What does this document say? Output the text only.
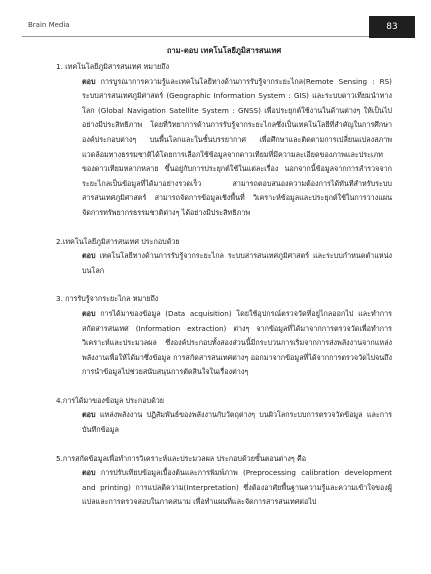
Brain Media	83
ถาม-ตอบ เทคโนโลยีภูมิสารสนเทศ

1. เทคโนโลยีภูมิสารสนเทศ หมายถึง

ตอบ การบูรณาการความรู้และเทคโนโลยีทางด้านการรับรู้จากระยะไกล(Remote Sensing : RS) ระบบสารสนเทศภูมิศาสตร์ (Geographic Information System : GIS) และระบบดาวเทียมนำทางโลก (Global Navigation Satellite System : GNSS) เพื่อประยุกต์ใช้งานในด้านต่างๆ ให้เป็นไปอย่างมีประสิทธิภาพ โดยที่วิทยาการด้านการรับรู้จากระยะไกลซึ่งเป็นเทคโนโลยีที่สำคัญในการศึกษาองค์ประกอบต่างๆ บนพื้นโลกและในชั้นบรรยากาศ เพื่อศึกษาและติดตามการเปลี่ยนแปลงสภาพแวดล้อมทางธรรมชาติได้โดยการเลือกใช้ข้อมูลจากดาวเทียมที่มีความละเอียดของภาพและประเภทของดาวเทียมหลากหลาย ขึ้นอยู่กับการประยุกต์ใช้ในแต่ละเรื่อง นอกจากนี้ข้อมูลจากการสำรวจจากระยะไกลเป็นข้อมูลที่ได้มาอย่างรวดเร็ว สามารถตอบสนองความต้องการได้ทันทีสำหรับระบบสารสนเทศภูมิศาสตร์ สามารถจัดการข้อมูลเชิงพื้นที่ วิเคราะห์ข้อมูลและประยุกต์ใช้ในการวางแผนจัดการทรัพยากรธรรมชาติต่างๆ ได้อย่างมีประสิทธิภาพ

2.เทคโนโลยีภูมิสารสนเทศ ประกอบด้วย

ตอบ เทคโนโลยีทางด้านการรับรู้จากระยะไกล ระบบสารสนเทศภูมิศาสตร์ และระบบกำหนดตำแหน่งบนโลก

3. การรับรู้จากระยะไกล หมายถึง

ตอบ การได้มาของข้อมูล (Data acquisition) โดยใช้อุปกรณ์ตรวจวัดที่อยู่ไกลออกไป และทำการสกัดสารสนเทศ (Information extraction) ต่างๆ จากข้อมูลที่ได้มาจากการตรวจวัดเพื่อทำการวิเคราะห์และประมวลผล ซึ่งองค์ประกอบทั้งสองส่วนนี้มีกระบวนการเริ่มจากการส่งพลังงานจากแหล่งพลังงานเพื่อให้ได้มาซึ่งข้อมูล การสกัดสารสนเทศต่างๆ ออกมาจากข้อมูลที่ได้จากการตรวจวัดไปจนถึงการนำข้อมูลไปช่วยสนับสนุนการตัดสินใจในเรื่องต่างๆ

4.การได้มาของข้อมูล ประกอบด้วย

ตอบ แหล่งพลังงาน ปฏิสัมพันธ์ของพลังงานกับวัตถุต่างๆ บนผิวโลกระบบการตรวจวัดข้อมูล และการบันทึกข้อมูล

5.การสกัดข้อมูลเพื่อทำการวิเคราะห์และประมวลผล ประกอบด้วยขั้นตอนต่างๆ คือ

ตอบ การปรับเทียบข้อมูลเบื้องต้นและการพิมพ์ภาพ (Preprocessing calibration development and printing) การแปลตีความ(Interpretation) ซึ่งต้องอาศัยพื้นฐานความรู้และความเข้าใจของผู้แปลและการตรวจสอบในภาคสนาม เพื่อทำแผนที่และจัดการสารสนเทศต่อไป
